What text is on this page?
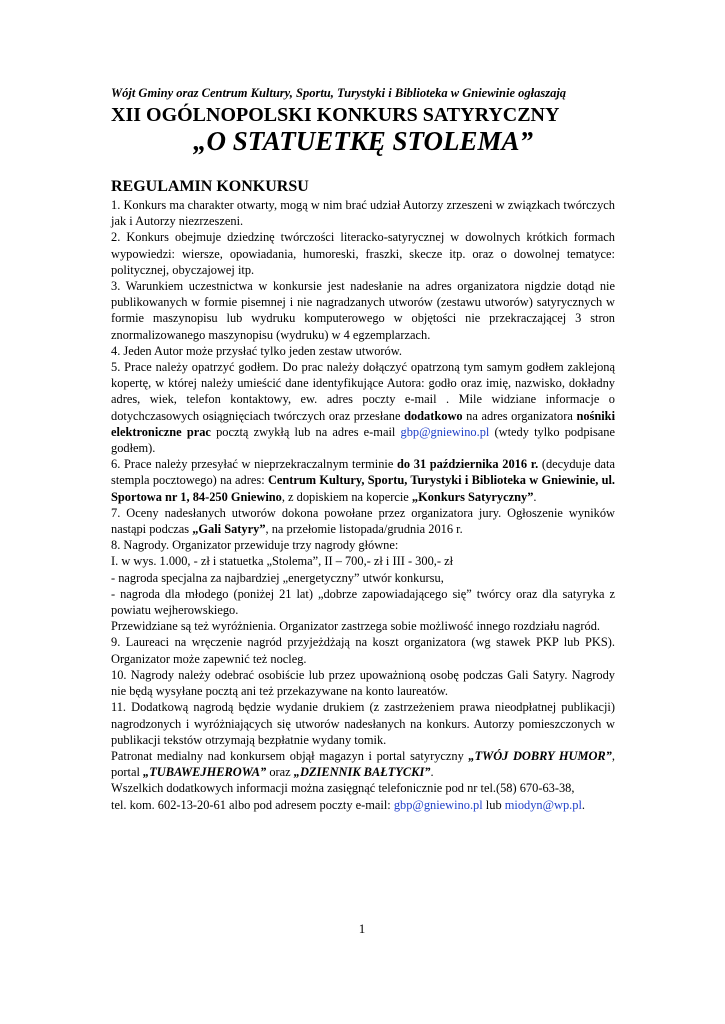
Wójt Gminy oraz Centrum Kultury, Sportu, Turystyki i Biblioteka w Gniewinie ogłaszają

XII OGÓLNOPOLSKI KONKURS SATYRYCZNY
„O STATUETKĘ STOLEMA”
REGULAMIN KONKURSU

1. Konkurs ma charakter otwarty, mogą w nim brać udział Autorzy zrzeszeni w związkach twórczych jak i Autorzy niezrzeszeni.

2. Konkurs obejmuje dziedzinę twórczości literacko-satyrycznej w dowolnych krótkich formach wypowiedzi: wiersze, opowiadania, humoreski, fraszki, skecze itp. oraz o dowolnej tematyce: politycznej, obyczajowej itp.

3. Warunkiem uczestnictwa w konkursie jest nadesłanie na adres organizatora nigdzie dotąd nie publikowanych w formie pisemnej i nie nagradzanych utworów (zestawu utworów) satyrycznych w formie maszynopisu lub wydruku komputerowego w objętości nie przekraczającej 3 stron znormalizowanego maszynopisu (wydruku) w 4 egzemplarzach.

4. Jeden Autor może przysłać tylko jeden zestaw utworów.

5. Prace należy opatrzyć godłem. Do prac należy dołączyć opatrzoną tym samym godłem zaklejoną kopertę, w której należy umieścić dane identyfikujące Autora: godło oraz imię, nazwisko, dokładny adres, wiek, telefon kontaktowy, ew. adres poczty e-mail . Mile widziane informacje o dotychczasowych osiągnięciach twórczych oraz przesłane dodatkowo na adres organizatora nośniki elektroniczne prac pocztą zwykłą lub na adres e-mail gbp@gniewino.pl (wtedy tylko podpisane godłem).

6. Prace należy przesyłać w nieprzekraczalnym terminie do 31 października 2016 r. (decyduje data stempla pocztowego) na adres: Centrum Kultury, Sportu, Turystyki i Biblioteka w Gniewinie, ul. Sportowa nr 1, 84-250 Gniewino, z dopiskiem na kopercie „Konkurs Satyryczny”.

7. Oceny nadesłanych utworów dokona powołane przez organizatora jury. Ogłoszenie wyników nastąpi podczas „Gali Satyry”, na przełomie listopada/grudnia 2016 r.

8. Nagrody. Organizator przewiduje trzy nagrody główne:

I. w wys. 1.000, - zł i statuetka „Stolema”, II – 700,- zł i III - 300,- zł

- nagroda specjalna za najbardziej „energetyczny” utwór konkursu,

- nagroda dla młodego (poniżej 21 lat) „dobrze zapowiadającego się” twórcy oraz dla satyryka z powiatu wejherowskiego.

Przewidziane są też wyróżnienia. Organizator zastrzega sobie możliwość innego rozdziału nagród.

9. Laureaci na wręczenie nagród przyjeżdżają na koszt organizatora (wg stawek PKP lub PKS). Organizator może zapewnić też nocleg.

10. Nagrody należy odebrać osobiście lub przez upoważnioną osobę podczas Gali Satyry. Nagrody nie będą wysyłane pocztą ani też przekazywane na konto laureatów.

11. Dodatkową nagrodą będzie wydanie drukiem (z zastrzeżeniem prawa nieodpłatnej publikacji) nagrodzonych i wyróżniających się utworów nadesłanych na konkurs. Autorzy pomieszczonych w publikacji tekstów otrzymają bezpłatnie wydany tomik.

Patronat medialny nad konkursem objął magazyn i portal satyryczny „TWÓJ DOBRY HUMOR”, portal „TUBAWEJHEROWA” oraz „DZIENNIK BAŁTYCKI”.

Wszelkich dodatkowych informacji można zasięgnąć telefonicznie pod nr tel.(58) 670-63-38,

tel. kom. 602-13-20-61 albo pod adresem poczty e-mail: gbp@gniewino.pl lub miodyn@wp.pl.

1
